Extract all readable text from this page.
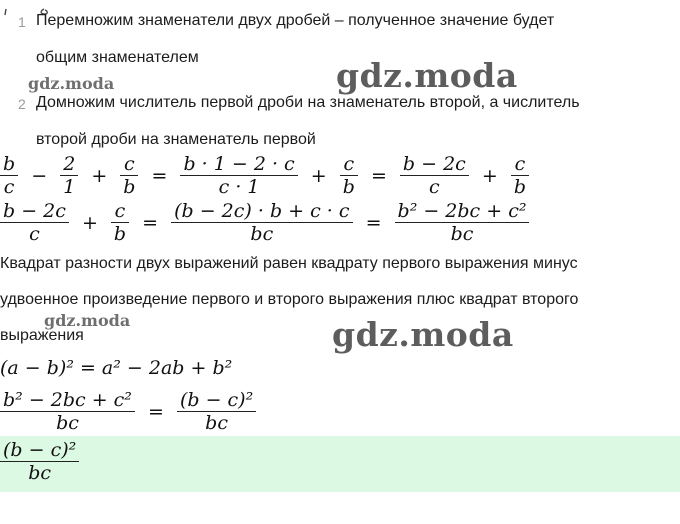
1 Перемножим знаменатели двух дробей – полученное значение будет
общим знаменателем
2 Домножим числитель первой дроби на знаменатель второй, а числитель
второй дроби на знаменатель первой
$\frac{b}{c} - \frac{2}{1} + \frac{c}{b} = \frac{b \cdot 1 - 2 \cdot c}{c \cdot 1} + \frac{c}{b} = \frac{b - 2c}{c} + \frac{c}{b}$
$\frac{b - 2c}{c} + \frac{c}{b} = \frac{(b - 2c) \cdot b + c \cdot c}{bc} = \frac{\text{b² − 2bc + c²}}{bc}$
Квадрат разности двух выражений равен квадрату первого выражения минус
удвоенное произведение первого и второго выражения плюс квадрат второго
выражения
(a − b)² = a² − 2ab + b²
$\frac{\text{b² − 2bc + c²}}{bc} = \frac{\text{(b − c)²}}{bc}$
$\frac{\text{(b − c)²}}{bc}$
gdz.moda	gdz.moda
gdz.moda	gdz.moda
